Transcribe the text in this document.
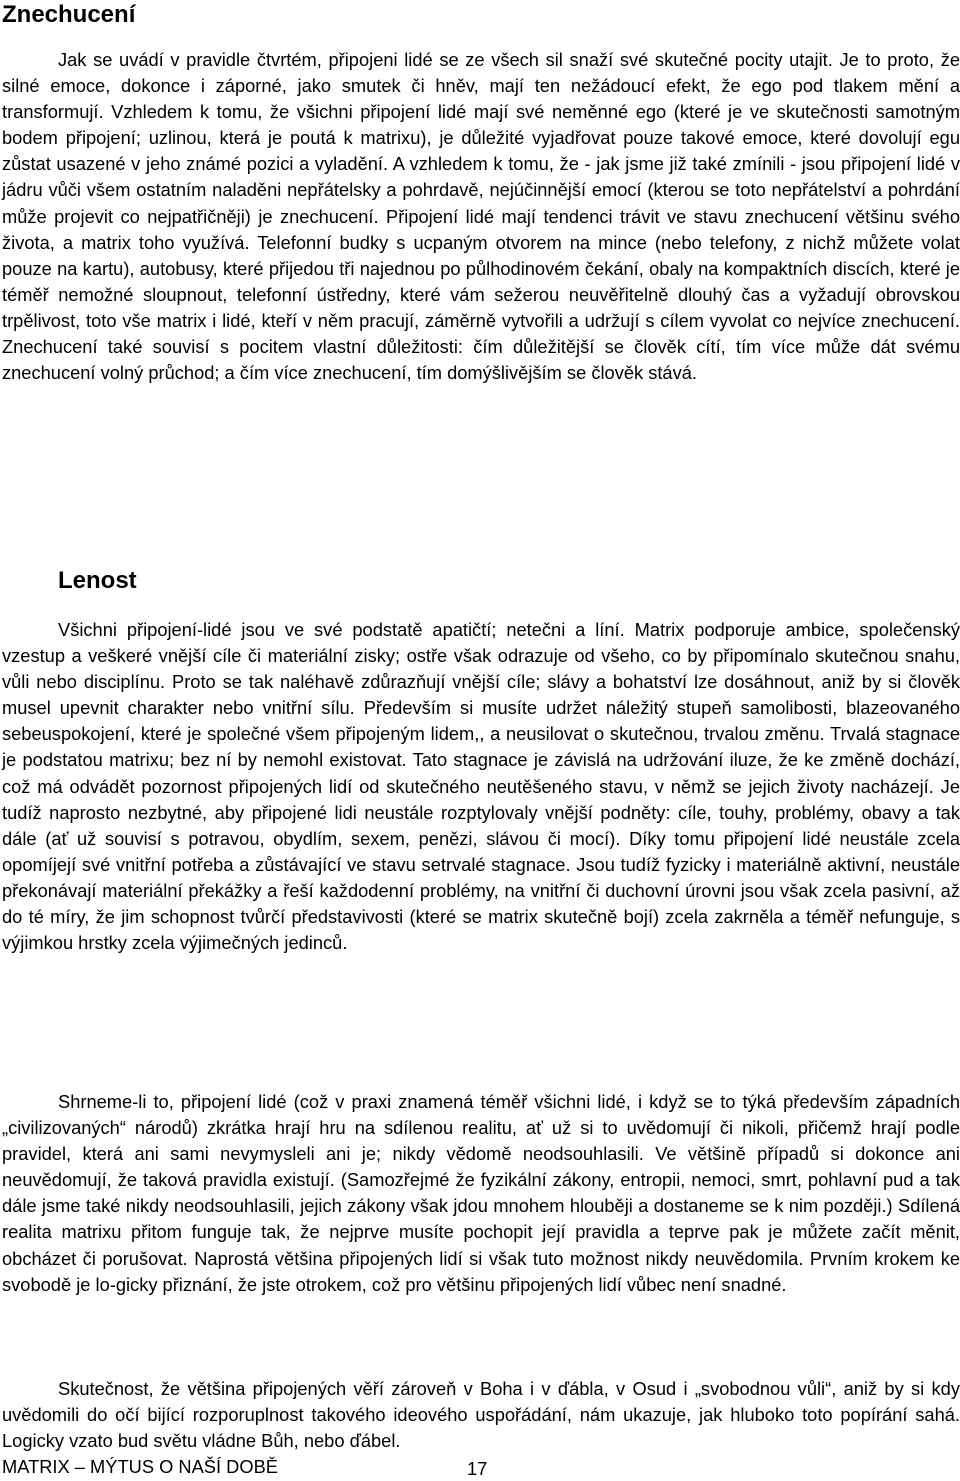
Znechucení

Jak se uvádí v pravidle čtvrtém, připojeni lidé se ze všech sil snaží své skutečné pocity utajit. Je to proto, že silné emoce, dokonce i záporné, jako smutek či hněv, mají ten nežádoucí efekt, že ego pod tlakem mění a transformují. Vzhledem k tomu, že všichni připojení lidé mají své neměnné ego (které je ve skutečnosti samotným bodem připojení; uzlinou, která je poutá k matrixu), je důležité vyjadřovat pouze takové emoce, které dovolují egu zůstat usazené v jeho známé pozici a vyladění. A vzhledem k tomu, že - jak jsme již také zmínili - jsou připojení lidé v jádru vůči všem ostatním naladěni nepřátelsky a pohrdavě, nejúčinnější emocí (kterou se toto nepřátelství a pohrdání může projevit co nejpatřičněji) je znechucení. Připojení lidé mají tendenci trávit ve stavu znechucení většinu svého života, a matrix toho využívá. Telefonní budky s ucpaným otvorem na mince (nebo telefony, z nichž můžete volat pouze na kartu), autobusy, které přijedou tři najednou po půlhodinovém čekání, obaly na kompaktních discích, které je téměř nemožné sloupnout, telefonní ústředny, které vám sežerou neuvěřitelně dlouhý čas a vyžadují obrovskou trpělivost, toto vše matrix i lidé, kteří v něm pracují, záměrně vytvořili a udržují s cílem vyvolat co nejvíce znechucení. Znechucení také souvisí s pocitem vlastní důležitosti: čím důležitější se člověk cítí, tím více může dát svému znechucení volný průchod; a čím více znechucení, tím domýšlivějším se člověk stává.

Lenost

Všichni připojení-lidé jsou ve své podstatě apatičtí; netečni a líní. Matrix podporuje ambice, společenský vzestup a veškeré vnější cíle či materiální zisky; ostře však odrazuje od všeho, co by připomínalo skutečnou snahu, vůli nebo disciplínu. Proto se tak naléhavě zdůrazňují vnější cíle; slávy a bohatství lze dosáhnout, aniž by si člověk musel upevnit charakter nebo vnitřní sílu. Především si musíte udržet náležitý stupeň samolibosti, blazeovaného sebeuspokojení, které je společné všem připojeným lidem,, a neusilovat o skutečnou, trvalou změnu. Trvalá stagnace je podstatou matrixu; bez ní by nemohl existovat. Tato stagnace je závislá na udržování iluze, že ke změně dochází, což má odvádět pozornost připojených lidí od skutečného neutěšeného stavu, v němž se jejich životy nacházejí. Je tudíž naprosto nezbytné, aby připojené lidi neustále rozptylovaly vnější podněty: cíle, touhy, problémy, obavy a tak dále (ať už souvisí s potravou, obydlím, sexem, penězi, slávou či mocí). Díky tomu připojení lidé neustále zcela opomíjejí své vnitřní potřeba a zůstávající ve stavu setrvalé stagnace. Jsou tudíž fyzicky i materiálně aktivní, neustále překonávají materiální překážky a řeší každodenní problémy, na vnitřní či duchovní úrovni jsou však zcela pasivní, až do té míry, že jim schopnost tvůrčí představivosti (které se matrix skutečně bojí) zcela zakrněla a téměř nefunguje, s výjimkou hrstky zcela výjimečných jedinců.

Shrneme-li to, připojení lidé (což v praxi znamená téměř všichni lidé, i když se to týká především západních „civilizovaných“ národů) zkrátka hrají hru na sdílenou realitu, ať už si to uvědomují či nikoli, přičemž hrají podle pravidel, která ani sami nevymysleli ani je; nikdy vědomě neodsouhlasili. Ve většině případů si dokonce ani neuvědomují, že taková pravidla existují. (Samozřejmé že fyzikální zákony, entropii, nemoci, smrt, pohlavní pud a tak dále jsme také nikdy neodsouhlasili, jejich zákony však jdou mnohem hlouběji a dostaneme se k nim později.) Sdílená realita matrixu přitom funguje tak, že nejprve musíte pochopit její pravidla a teprve pak je můžete začít měnit, obcházet či porušovat. Naprostá většina připojených lidí si však tuto možnost nikdy neuvědomila. Prvním krokem ke svobodě je lo-gicky přiznání, že jste otrokem, což pro většinu připojených lidí vůbec není snadné.

Skutečnost, že většina připojených věří zároveň v Boha i v ďábla, v Osud i „svobodnou vůli“, aniž by si kdy uvědomili do očí bijící rozporuplnost takového ideového uspořádání, nám ukazuje, jak hluboko toto popírání sahá. Logicky vzato bud světu vládne Bůh, nebo ďábel.

MATRIX – MÝTUS O NAŠÍ DOBĚ	17
